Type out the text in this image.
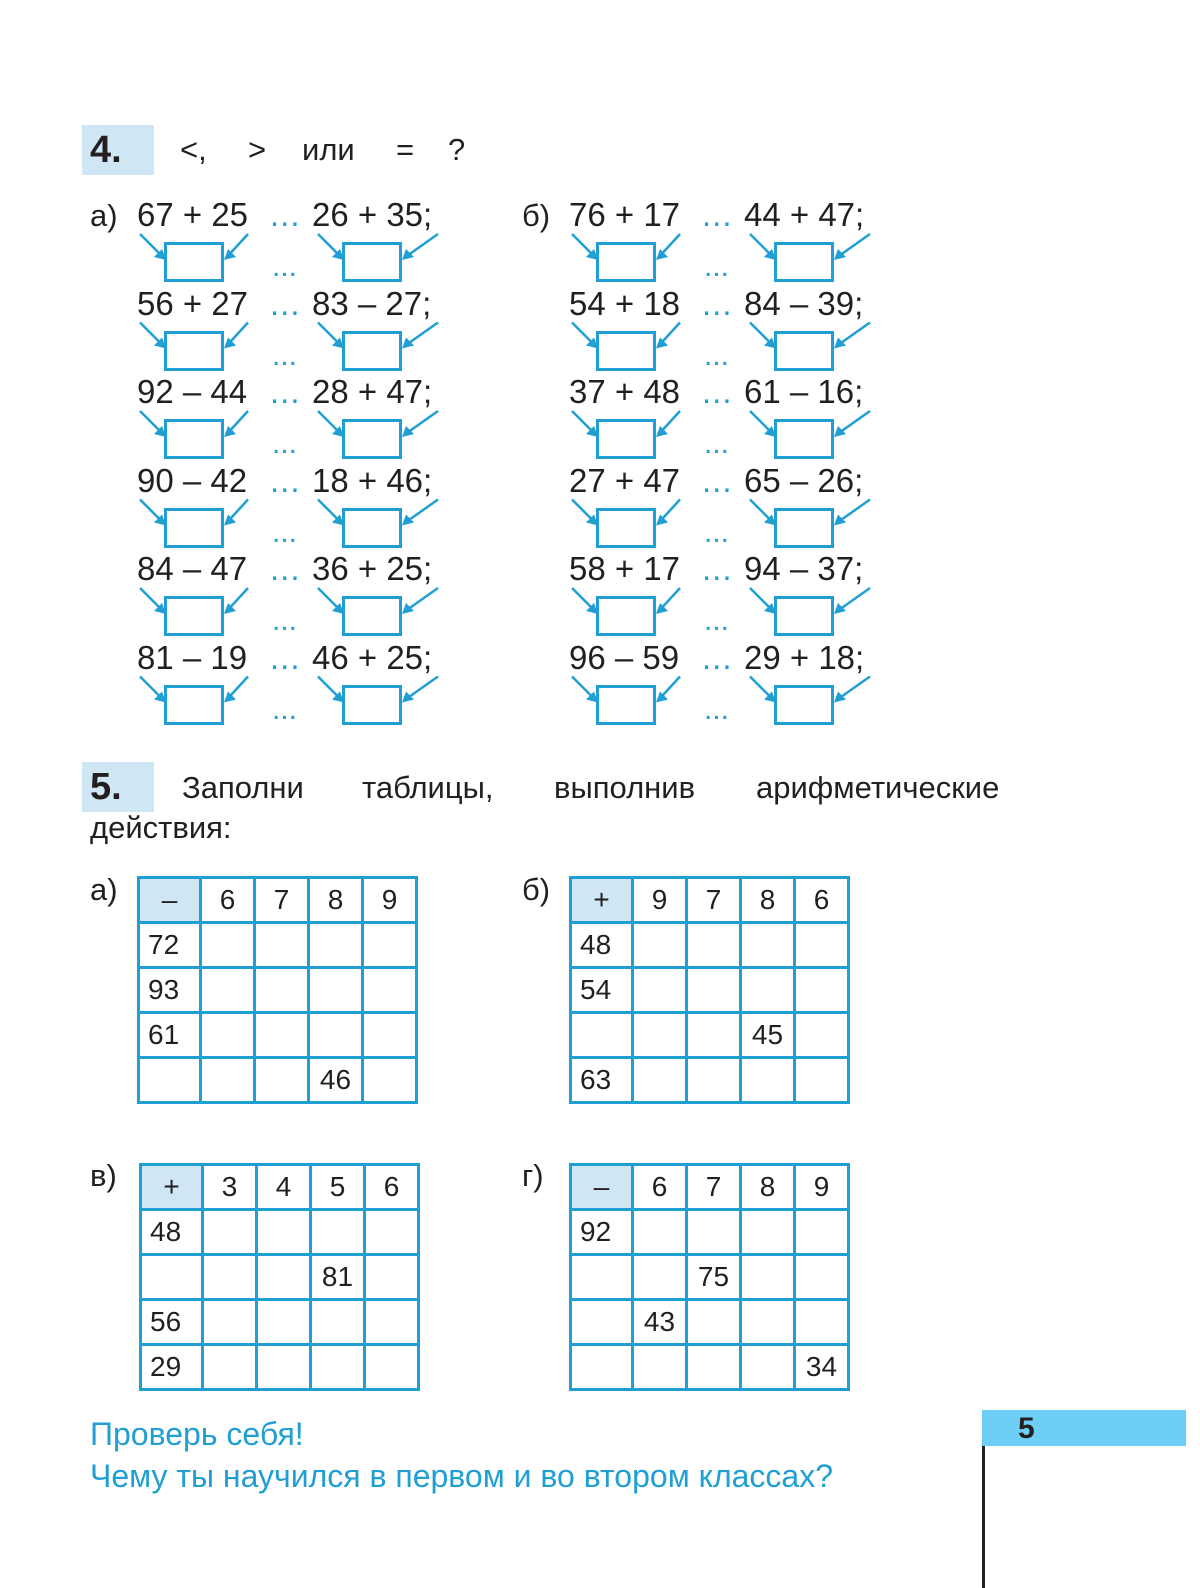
4.	<, > или = ?
а) 67 + 25 ... 26 + 35;
...
56 + 27 ... 83 – 27;
...
92 – 44 ... 28 + 47;
...
90 – 42 ... 18 + 46;
...
84 – 47 ... 36 + 25;
...
81 – 19 ... 46 + 25;
...
б) 76 + 17 ... 44 + 47;
...
54 + 18 ... 84 – 39;
...
37 + 48 ... 61 – 16;
...
27 + 47 ... 65 – 26;
...
58 + 17 ... 94 – 37;
...
96 – 59 ... 29 + 18;
...
5.	Заполни таблицы, выполнив арифметические
действия:
а) –	6	7	8	9
72				
93				
61				
			46	
б) +	9	7	8	6
48				
54				
			45	
63				
в) +	3	4	5	6
48				
			81	
56				
29				
г) –	6	7	8	9
92				
		75		
	43			
				34
Проверь себя!
Чему ты научился в первом и во втором классах?
5
